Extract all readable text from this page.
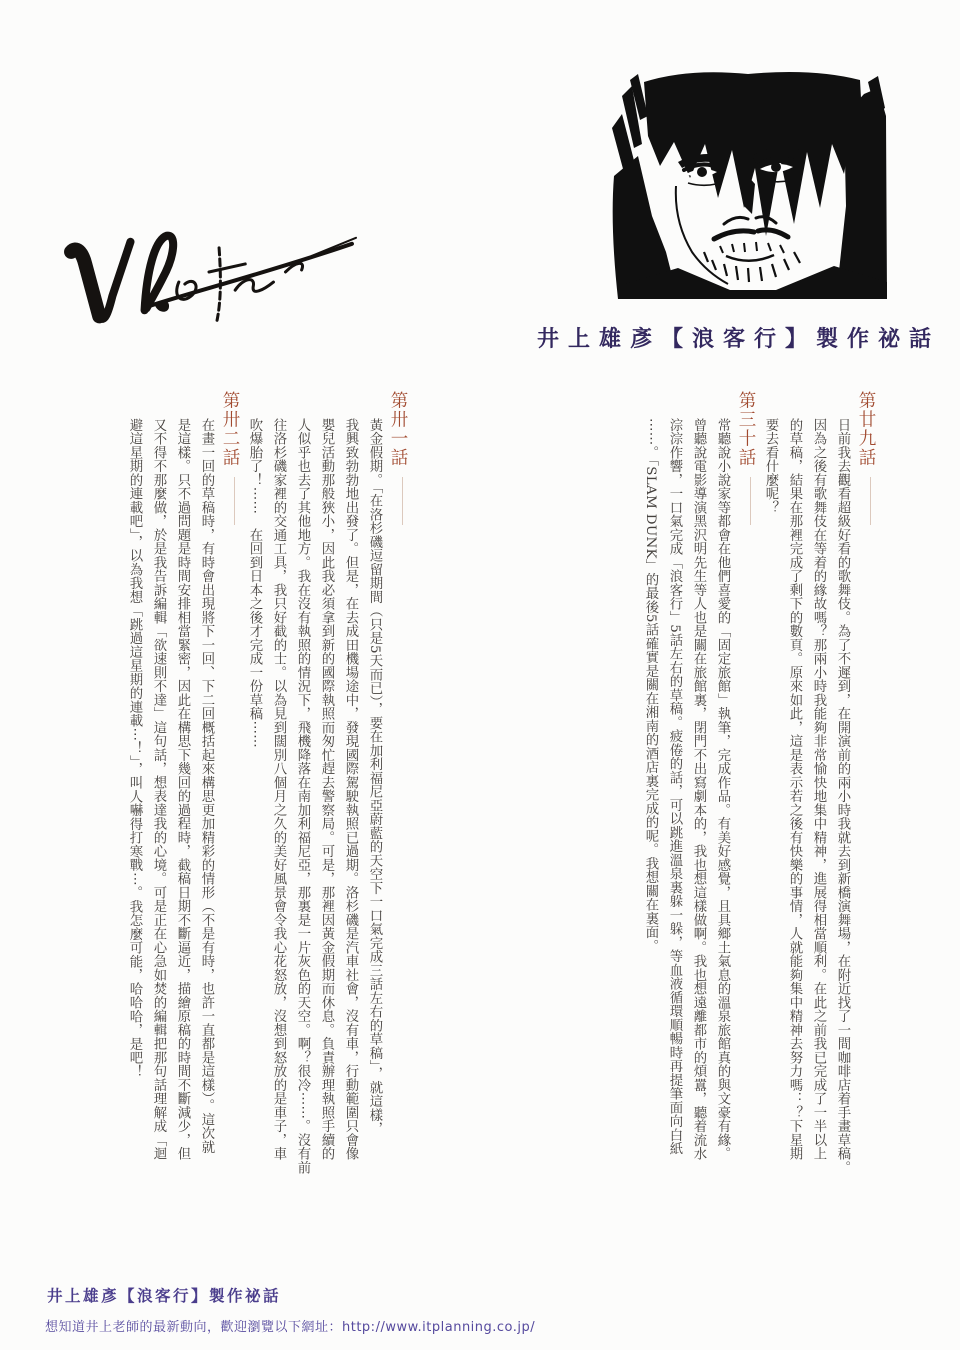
井上雄彥【浪客行】製作祕話
第廿九話
日前我去觀看超級好看的歌舞伎。為了不遲到，在開演前的兩小時我就去到新橋演舞場，在附近找了一間咖啡店着手畫草稿。
因為之後有歌舞伎在等着的緣故嗎？那兩小時我能夠非常愉快地集中精神，進展得相當順利。在此之前我已完成了一半以上
的草稿，結果在那裡完成了剩下的數頁。原來如此，這是表示若之後有快樂的事情，人就能夠集中精神去努力嗎：？下星期
要去看什麼呢？
第三十話
常聽說小說家等都會在他們喜愛的「固定旅館」執筆，完成作品。有美好感覺，且具鄉土氣息的溫泉旅館真的與文豪有緣。
曾聽說電影導演黑沢明先生等人也是關在旅館裏，閉門不出寫劇本的，我也想這樣做啊。我也想遠離都市的煩囂，聽着流水
淙淙作響，一口氣完成「浪客行」5話左右的草稿。疲倦的話，可以跳進溫泉裏躲一躲，等血液循環順暢時再提筆面向白紙
⋯⋯。「SLAM DUNK」的最後5話確實是關在湘南的酒店裏完成的呢。我想關在裏面。
第卅一話
黃金假期。「在洛杉磯逗留期間（只是5天而已），要在加利福尼亞蔚藍的天空下一口氣完成三話左右的草稿」，就這樣，
我興致勃勃地出發了。但是，在去成田機場途中，發現國際駕駛執照已過期。洛杉磯是汽車社會，沒有車，行動範圍只會像
嬰兒活動那般狹小，因此我必須拿到新的國際執照而匆忙趕去警察局。可是，那裡因黃金假期而休息。負責辦理執照手續的
人似乎也去了其他地方。我在沒有執照的情況下，飛機降落在南加利福尼亞，那裏是一片灰色的天空。啊？很冷⋯⋯。沒有前
往洛杉磯家裡的交通工具，我只好截的士。以為見到闊別八個月之久的美好風景會令我心花怒放，沒想到怒放的是車子，車
吹爆胎了！⋯⋯　在回到日本之後才完成一份草稿⋯⋯
第卅二話
在畫一回的草稿時，有時會出現將下一回、下二回概括起來構思更加精彩的情形（不是有時，也許一直都是這樣）。這次就
是這樣。只不過問題是時間安排相當緊密，因此在構思下幾回的過程時，截稿日期不斷逼近，描繪原稿的時間不斷減少，但
又不得不那麼做，於是我告訴編輯「欲速則不達」這句話，想表達我的心境。可是正在心急如焚的編輯把那句話理解成「迴
避這星期的連載吧」，以為我想「跳過這星期的連載⋯！」，叫人嚇得打寒戰⋯。我怎麼可能，哈哈哈，是吧！
井上雄彥【浪客行】製作祕話
想知道井上老師的最新動向，歡迎瀏覽以下網址：http://www.itplanning.co.jp/
